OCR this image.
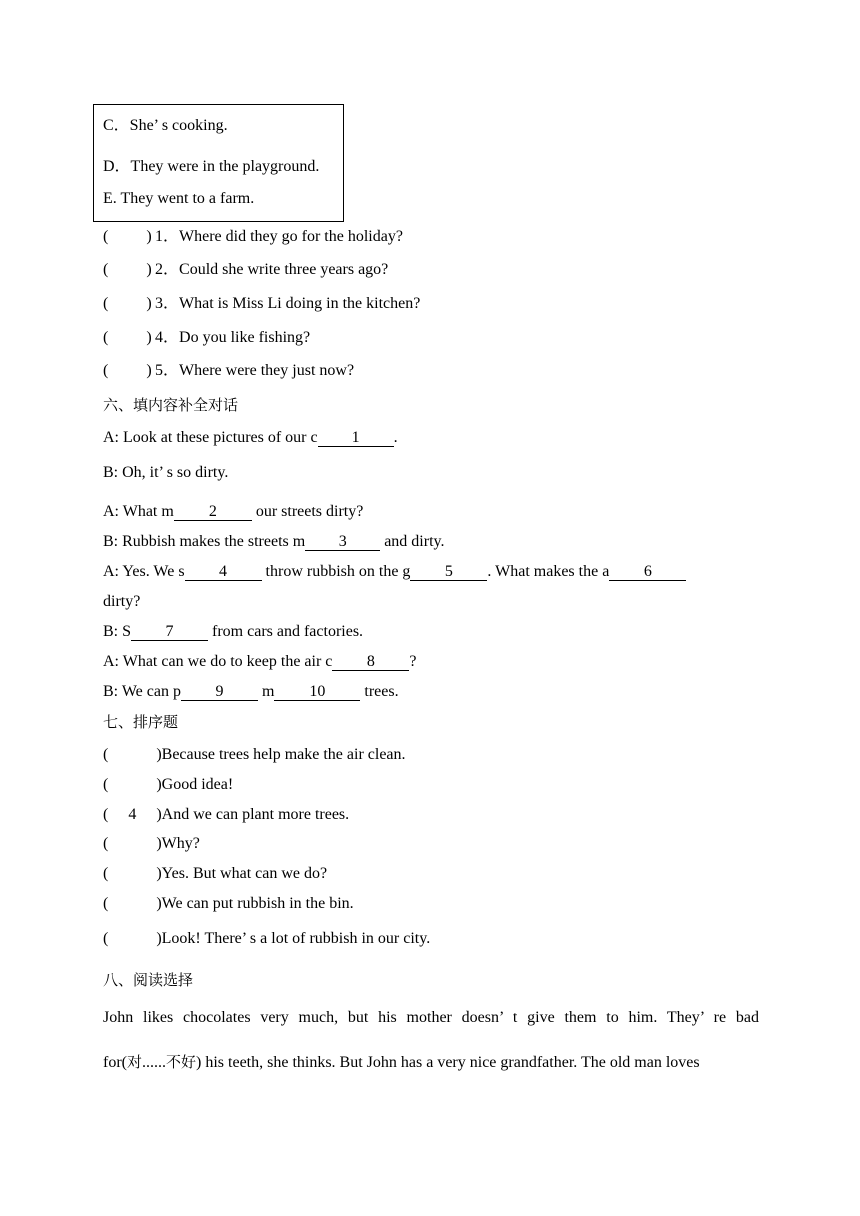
C．She’ s cooking.
D．They were in the playground.
E. They went to a farm.
( ) 1．Where did they go for the holiday?
( ) 2．Could she write three years ago?
( ) 3．What is Miss Li doing in the kitchen?
( ) 4．Do you like fishing?
( ) 5．Where were they just now?
六、填内容补全对话
A: Look at these pictures of our c 1 .
B: Oh, it’ s so dirty.
A: What m 2 our streets dirty?
B: Rubbish makes the streets m 3 and dirty.
A: Yes. We s 4 throw rubbish on the g 5 . What makes the a 6
dirty?
B: S 7 from cars and factories.
A: What can we do to keep the air c 8 ?
B: We can p 9 m 10 trees.
七、排序题
(	)Because trees help make the air clean.
(	)Good idea!
( 4 )And we can plant more trees.
(	)Why?
(	)Yes. But what can we do?
(	)We can put rubbish in the bin.
(	)Look! There’ s a lot of rubbish in our city.
八、阅读选择
John likes chocolates very much, but his mother doesn’ t give them to him. They’ re bad
for(对......不好) his teeth, she thinks. But John has a very nice grandfather. The old man loves
